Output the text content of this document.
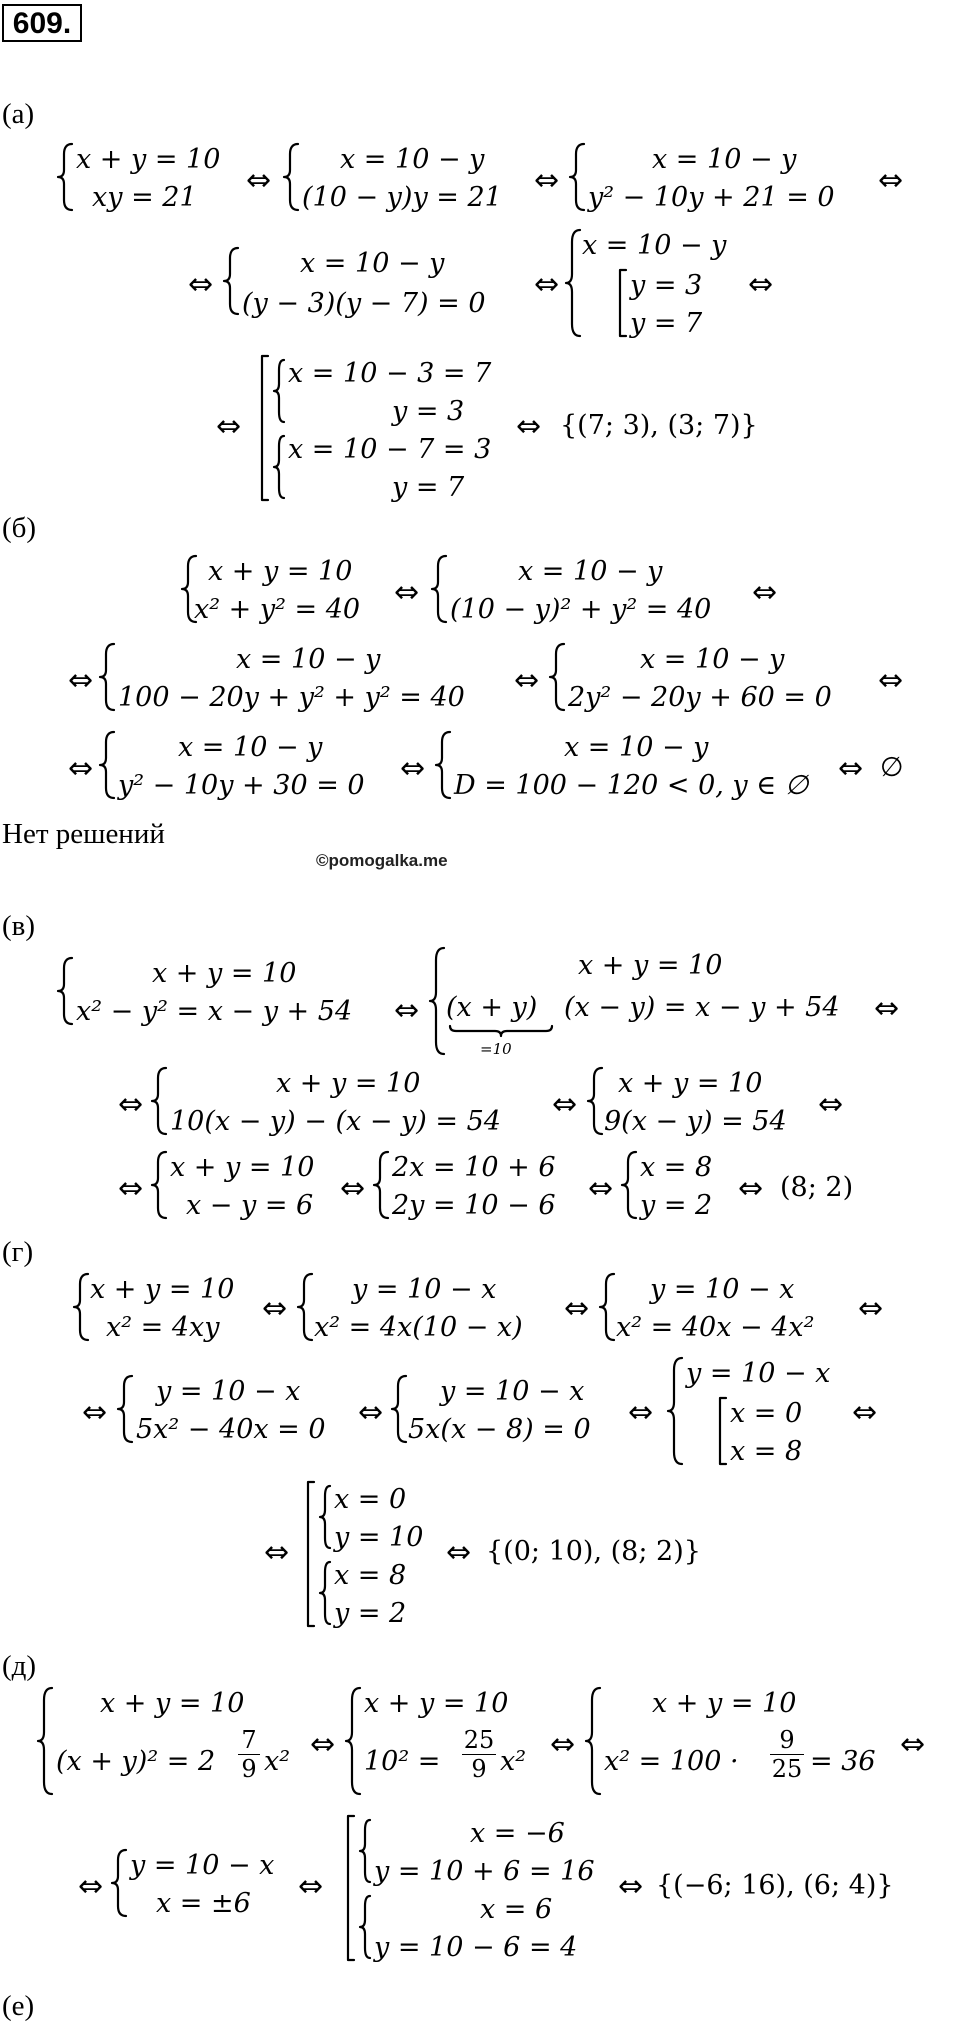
609.
(а)
x + y = 10
xy = 21 ⇔
x = 10 − y
(10 − y)y = 21 ⇔
x = 10 − y
y² − 10y + 21 = 0 ⇔
⇔
x = 10 − y
(y − 3)(y − 7) = 0
⇔
x = 10 − y
y = 3
y = 7
⇔
⇔
x = 10 − 3 = 7
y = 3
x = 10 − 7 = 3
y = 7
⇔ {(7; 3), (3; 7)}
(б)
x + y = 10
x² + y² = 40 ⇔
x = 10 − y
(10 − y)² + y² = 40 ⇔
⇔
x = 10 − y
100 − 20y + y² + y² = 40 ⇔
x = 10 − y
2y² − 20y + 60 = 0 ⇔
⇔
x = 10 − y
y² − 10y + 30 = 0 ⇔
x = 10 − y
D = 100 − 120 < 0, y ∈ ∅ ⇔ ∅
Нет решений
©pomogalka.me
(в)
x + y = 10
x² − y² = x − y + 54 ⇔
x + y = 10
(x + y)
=10
(x − y) = x − y + 54 ⇔
⇔
x + y = 10
10(x − y) − (x − y) = 54 ⇔
x + y = 10
9(x − y) = 54 ⇔
⇔
x + y = 10
x − y = 6 ⇔
2x = 10 + 6
2y = 10 − 6 ⇔
x = 8
y = 2 ⇔ (8; 2)
(г)
x + y = 10
x² = 4xy
⇔
y = 10 − x
x² = 4x(10 − x)
⇔
y = 10 − x
x² = 40x − 4x²
⇔
⇔
y = 10 − x
5x² − 40x = 0 ⇔
y = 10 − x
5x(x − 8) = 0 ⇔
y = 10 − x
x = 0
x = 8
⇔
⇔
x = 0
y = 10
x = 8
y = 2
⇔ {(0; 10), (8; 2)}
(д)
x + y = 10
(x + y)² = 2
7
9 x² ⇔
x + y = 10
10² =
25
9 x² ⇔
x + y = 10
x² = 100 ·
9
25 = 36 ⇔
⇔
y = 10 − x
x = ±6 ⇔
x = −6
y = 10 + 6 = 16
x = 6
y = 10 − 6 = 4
⇔ {(−6; 16), (6; 4)}
(е)
